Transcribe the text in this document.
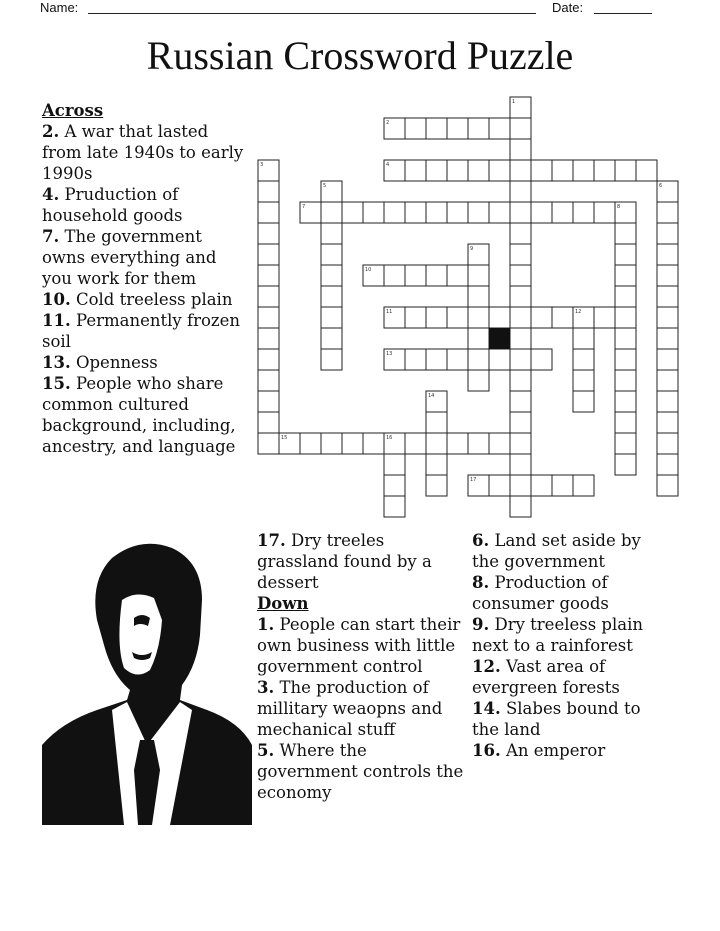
Name:	Date:
Russian Crossword Puzzle
1
2
3	4
5	6
7	8
9
10
11	12
13
14
15	16
17
Across

2. A war that lasted from late 1940s to early 1990s

4. Pruduction of household goods

7. The government owns everything and you work for them

10. Cold treeless plain

11. Permanently frozen soil

13. Openness

15. People who share common cultured background, including, ancestry, and language

17. Dry treeles grassland found by a dessert

Down

1. People can start their own business with little government control

3. The production of millitary weaopns and mechanical stuff

5. Where the government controls the economy

6. Land set aside by the government

8. Production of consumer goods

9. Dry treeless plain next to a rainforest

12. Vast area of evergreen forests

14. Slabes bound to the land

16. An emperor
